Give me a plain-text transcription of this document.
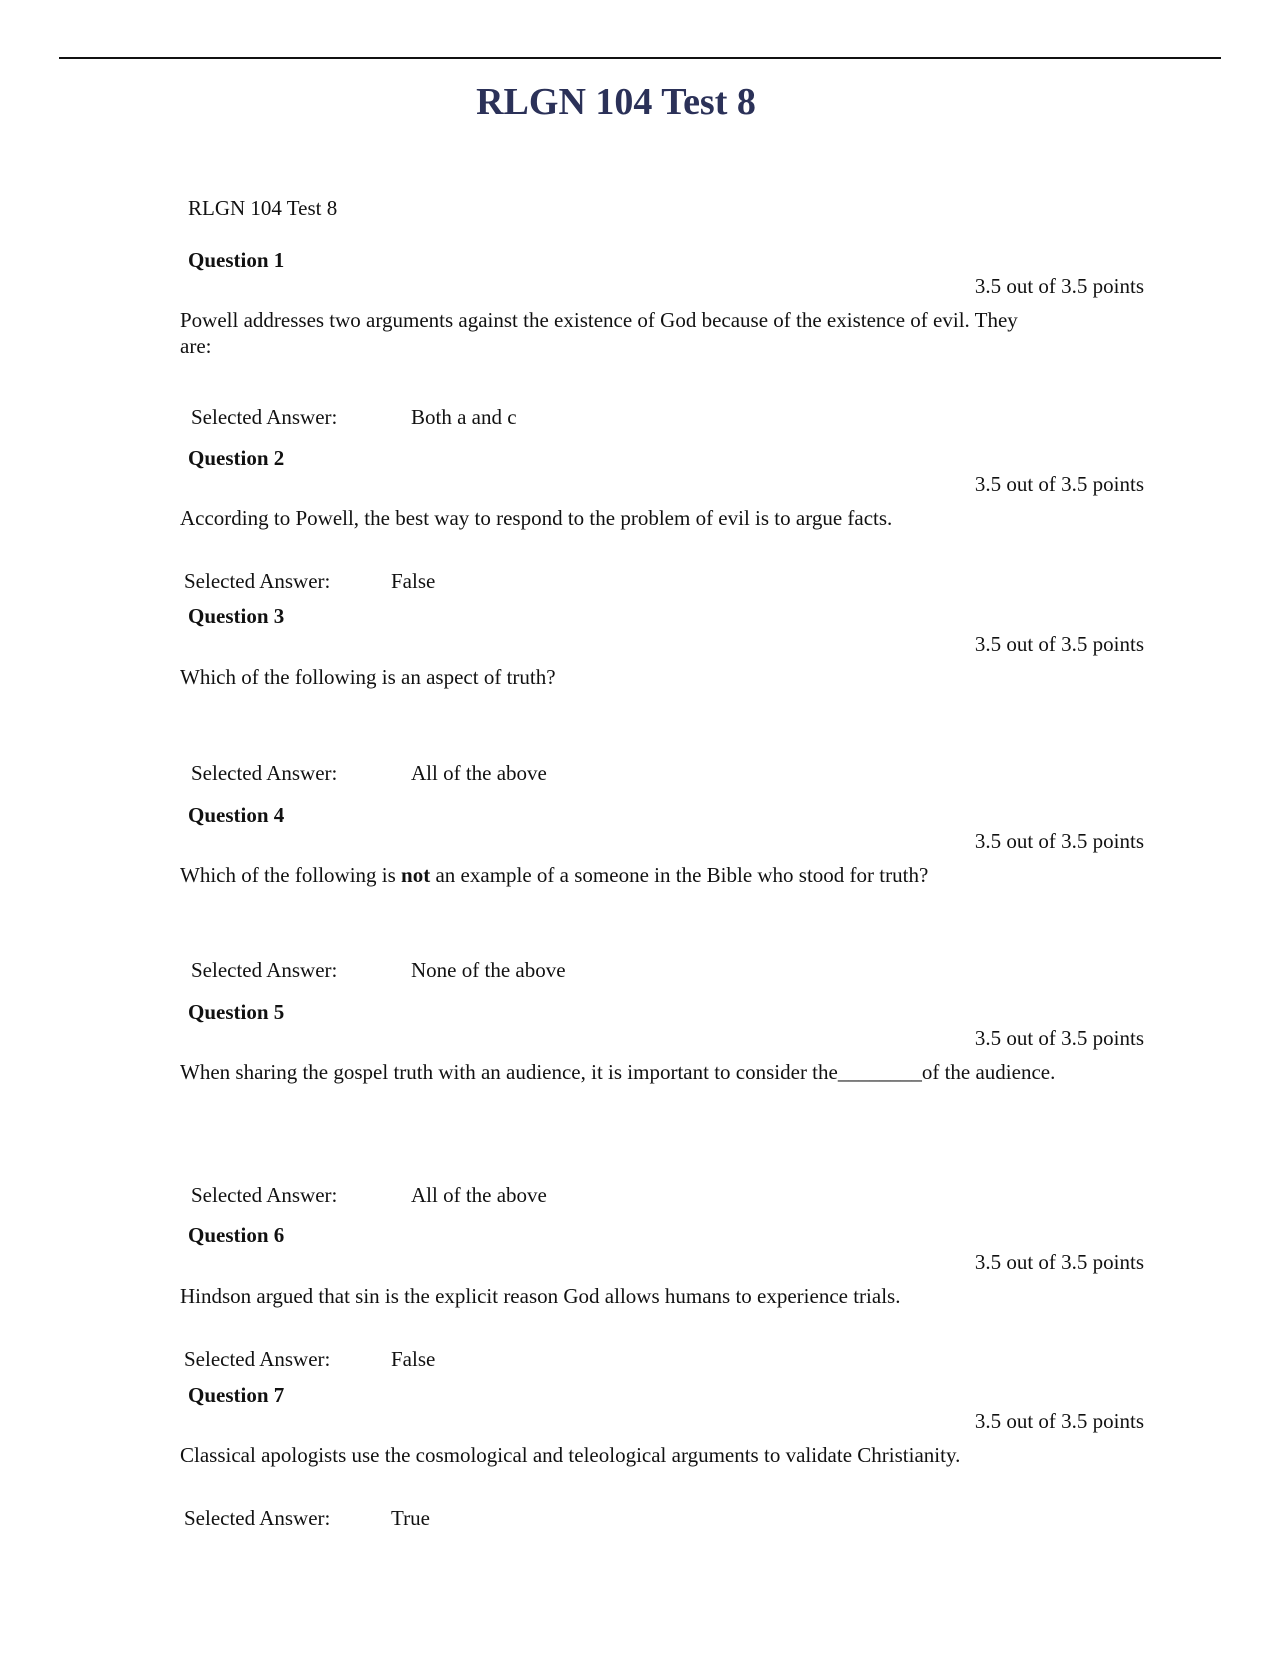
RLGN 104 Test 8
RLGN 104 Test 8
Question 1
3.5 out of 3.5 points
Powell addresses two arguments against the existence of God because of the existence of evil. They are:
Selected Answer:	Both a and c
Question 2
3.5 out of 3.5 points
According to Powell, the best way to respond to the problem of evil is to argue facts.
Selected Answer:	False
Question 3
3.5 out of 3.5 points
Which of the following is an aspect of truth?
Selected Answer:	All of the above
Question 4
3.5 out of 3.5 points
Which of the following is not an example of a someone in the Bible who stood for truth?
Selected Answer:	None of the above
Question 5
3.5 out of 3.5 points
When sharing the gospel truth with an audience, it is important to consider the________of the audience.
Selected Answer:	All of the above
Question 6
3.5 out of 3.5 points
Hindson argued that sin is the explicit reason God allows humans to experience trials.
Selected Answer:	False
Question 7
3.5 out of 3.5 points
Classical apologists use the cosmological and teleological arguments to validate Christianity.
Selected Answer:	True
